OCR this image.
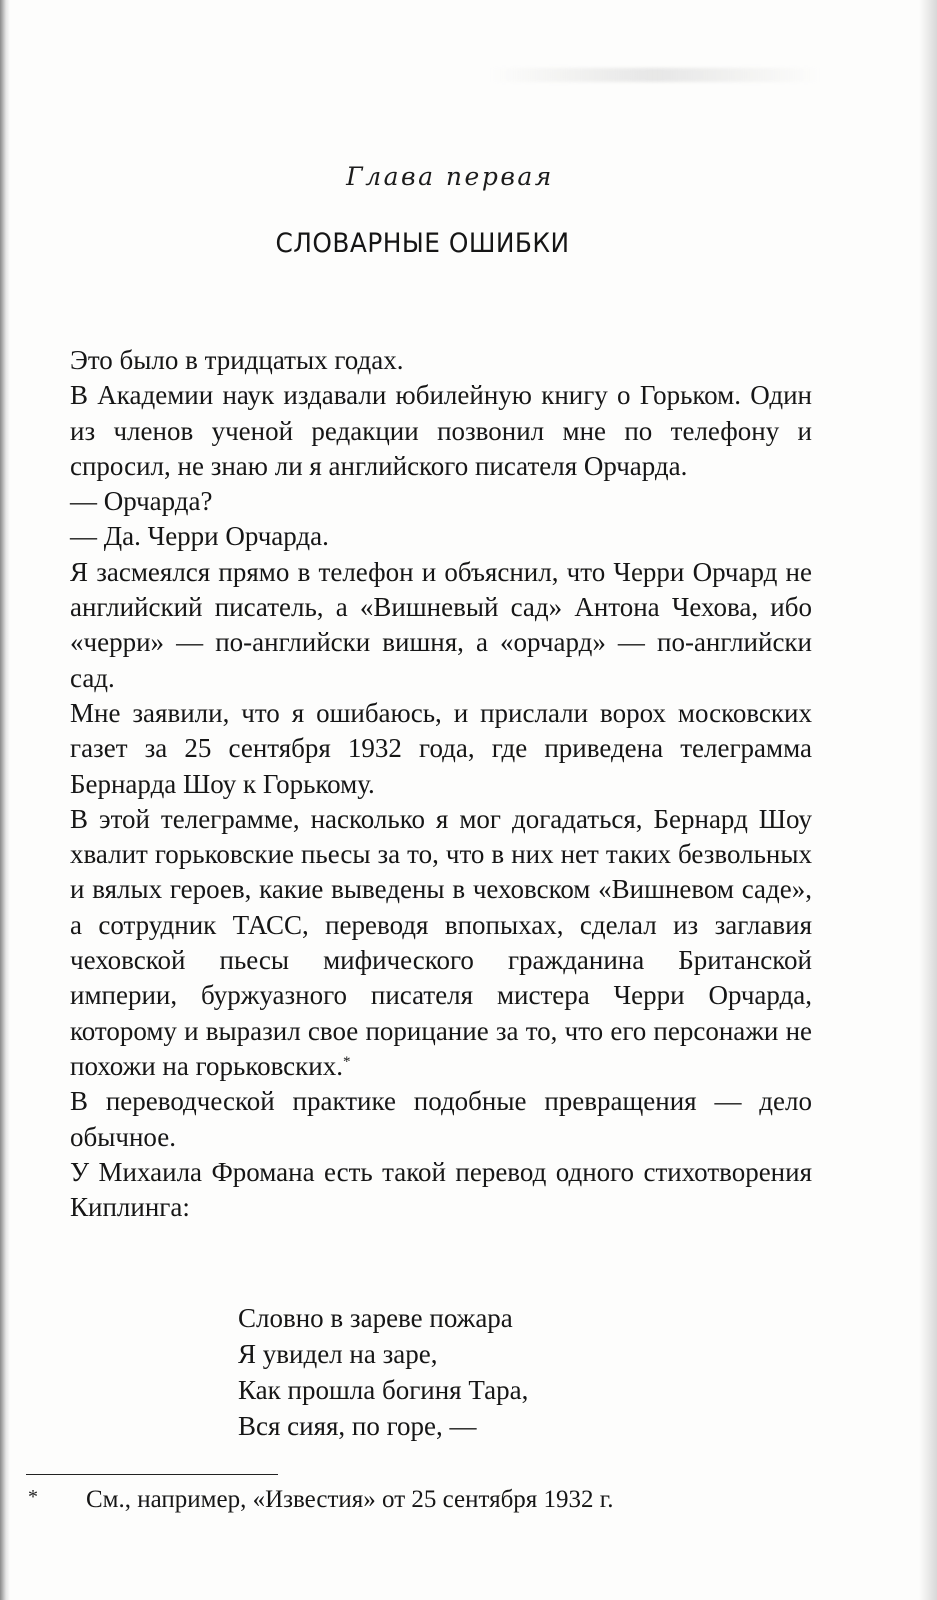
Глава первая
СЛОВАРНЫЕ ОШИБКИ

Это было в тридцатых годах.

В Академии наук издавали юбилейную книгу о Горьком. Один из членов ученой редакции позвонил мне по телефону и спросил, не знаю ли я английского писателя Орчарда.

— Орчарда?

— Да. Черри Орчарда.

Я засмеялся прямо в телефон и объяснил, что Черри Орчард не английский писатель, а «Вишневый сад» Антона Чехова, ибо «черри» — по-английски вишня, а «орчард» — по-английски сад.

Мне заявили, что я ошибаюсь, и прислали ворох московских газет за 25 сентября 1932 года, где приведена телеграмма Бернарда Шоу к Горькому.

В этой телеграмме, насколько я мог догадаться, Бернард Шоу хвалит горьковские пьесы за то, что в них нет таких безвольных и вялых героев, какие выведены в чеховском «Вишневом саде», а сотрудник ТАСС, переводя впопыхах, сделал из заглавия чеховской пьесы мифического гражданина Британской империи, буржуазного писателя мистера Черри Орчарда, которому и выразил свое порицание за то, что его персонажи не похожи на горьковских.*

В переводческой практике подобные превращения — дело обычное.

У Михаила Фромана есть такой перевод одного стихотворения Киплинга:

Словно в зареве пожара
Я увидел на заре,
Как прошла богиня Тара,
Вся сияя, по горе, —
* См., например, «Известия» от 25 сентября 1932 г.
